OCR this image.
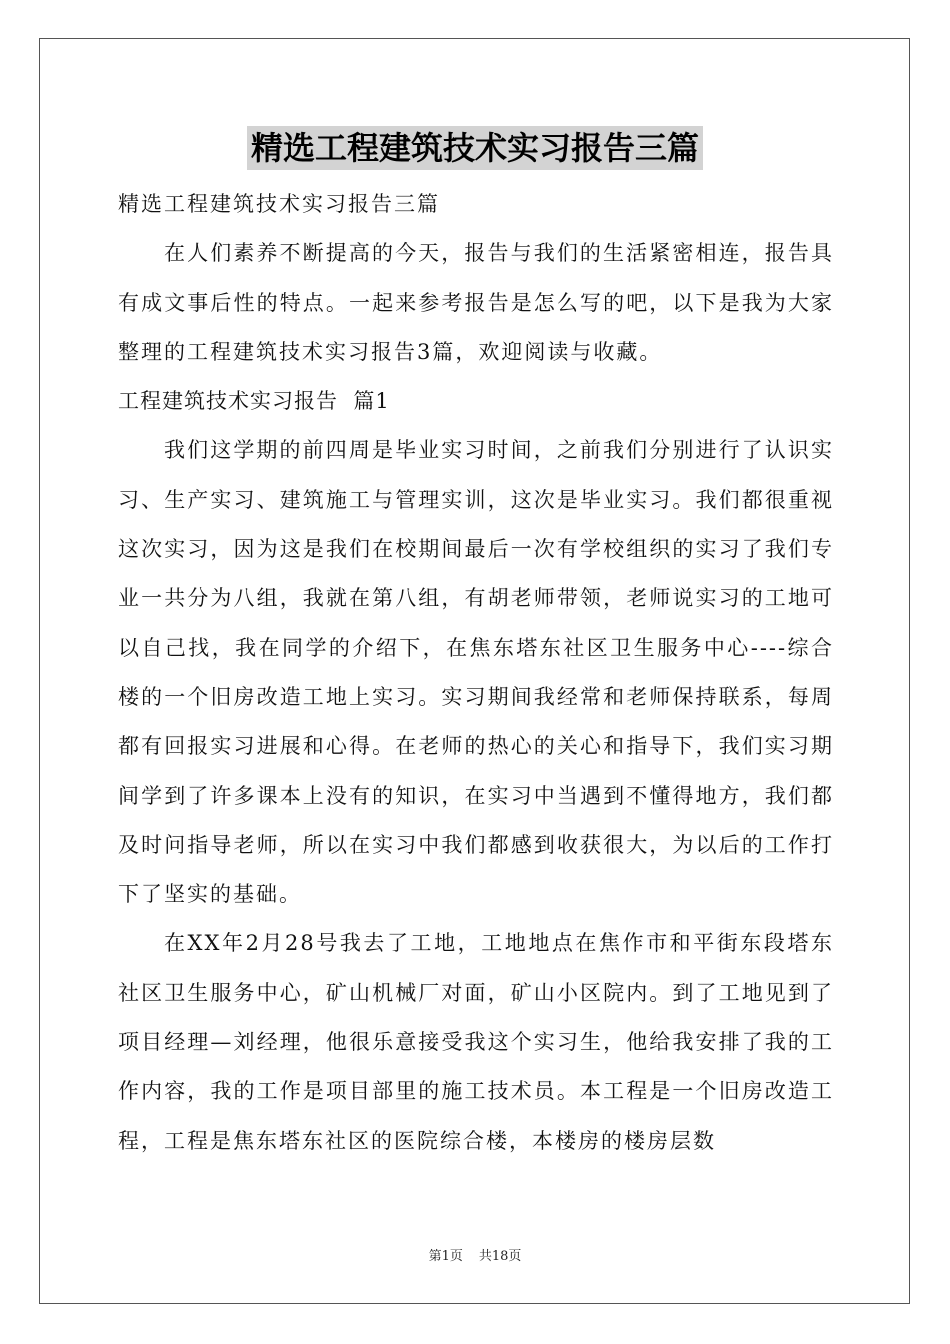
精选工程建筑技术实习报告三篇

精选工程建筑技术实习报告三篇

在人们素养不断提高的今天，报告与我们的生活紧密相连，报告具有成文事后性的特点。一起来参考报告是怎么写的吧，以下是我为大家整理的工程建筑技术实习报告3篇，欢迎阅读与收藏。

工程建筑技术实习报告  篇1

我们这学期的前四周是毕业实习时间，之前我们分别进行了认识实习、生产实习、建筑施工与管理实训，这次是毕业实习。我们都很重视这次实习，因为这是我们在校期间最后一次有学校组织的实习了我们专业一共分为八组，我就在第八组，有胡老师带领，老师说实习的工地可以自己找，我在同学的介绍下，在焦东塔东社区卫生服务中心----综合楼的一个旧房改造工地上实习。实习期间我经常和老师保持联系，每周都有回报实习进展和心得。在老师的热心的关心和指导下，我们实习期间学到了许多课本上没有的知识，在实习中当遇到不懂得地方，我们都及时问指导老师，所以在实习中我们都感到收获很大，为以后的工作打下了坚实的基础。

在XX年2月28号我去了工地，工地地点在焦作市和平街东段塔东社区卫生服务中心，矿山机械厂对面，矿山小区院内。到了工地见到了项目经理—刘经理，他很乐意接受我这个实习生，他给我安排了我的工作内容，我的工作是项目部里的施工技术员。本工程是一个旧房改造工程，工程是焦东塔东社区的医院综合楼，本楼房的楼房层数

第1页 共18页
